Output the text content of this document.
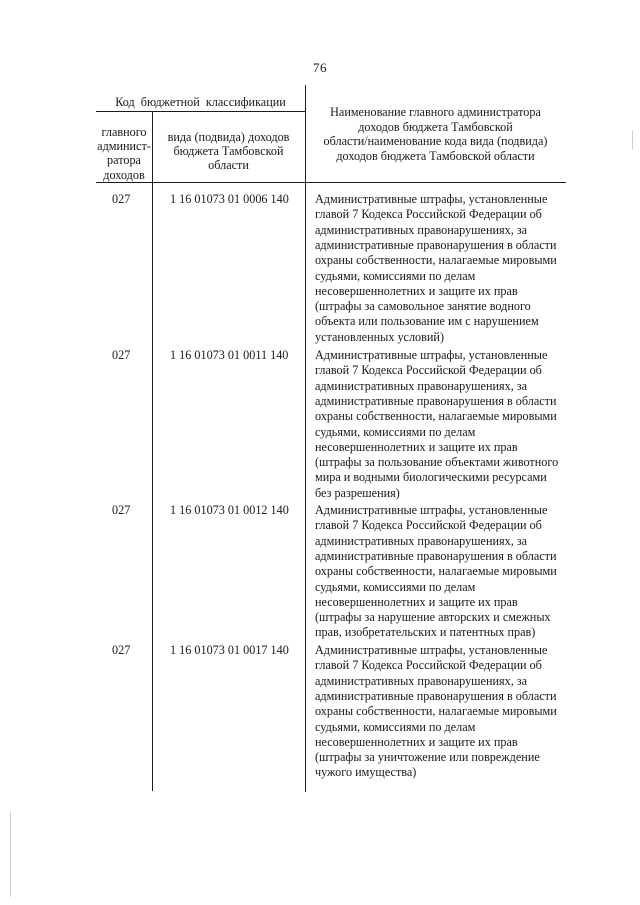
76
Код  бюджетной  классификации
главного
админист-
ратора
доходов
вида (подвида) доходов
бюджета Тамбовской
области
Наименование главного администратора
доходов бюджета Тамбовской
области/наименование кода вида (подвида)
доходов бюджета Тамбовской области
027	1 16 01073 01 0006 140 Административные штрафы, установленные
главой 7 Кодекса Российской Федерации об
административных правонарушениях, за
административные правонарушения в области
охраны собственности, налагаемые мировыми
судьями, комиссиями по делам
несовершеннолетних и защите их прав
(штрафы за самовольное занятие водного
объекта или пользование им с нарушением
установленных условий)
027	1 16 01073 01 0011 140 Административные штрафы, установленные
главой 7 Кодекса Российской Федерации об
административных правонарушениях, за
административные правонарушения в области
охраны собственности, налагаемые мировыми
судьями, комиссиями по делам
несовершеннолетних и защите их прав
(штрафы за пользование объектами животного
мира и водными биологическими ресурсами
без разрешения)
027	1 16 01073 01 0012 140 Административные штрафы, установленные
главой 7 Кодекса Российской Федерации об
административных правонарушениях, за
административные правонарушения в области
охраны собственности, налагаемые мировыми
судьями, комиссиями по делам
несовершеннолетних и защите их прав
(штрафы за нарушение авторских и смежных
прав, изобретательских и патентных прав)
027	1 16 01073 01 0017 140 Административные штрафы, установленные
главой 7 Кодекса Российской Федерации об
административных правонарушениях, за
административные правонарушения в области
охраны собственности, налагаемые мировыми
судьями, комиссиями по делам
несовершеннолетних и защите их прав
(штрафы за уничтожение или повреждение
чужого имущества)
